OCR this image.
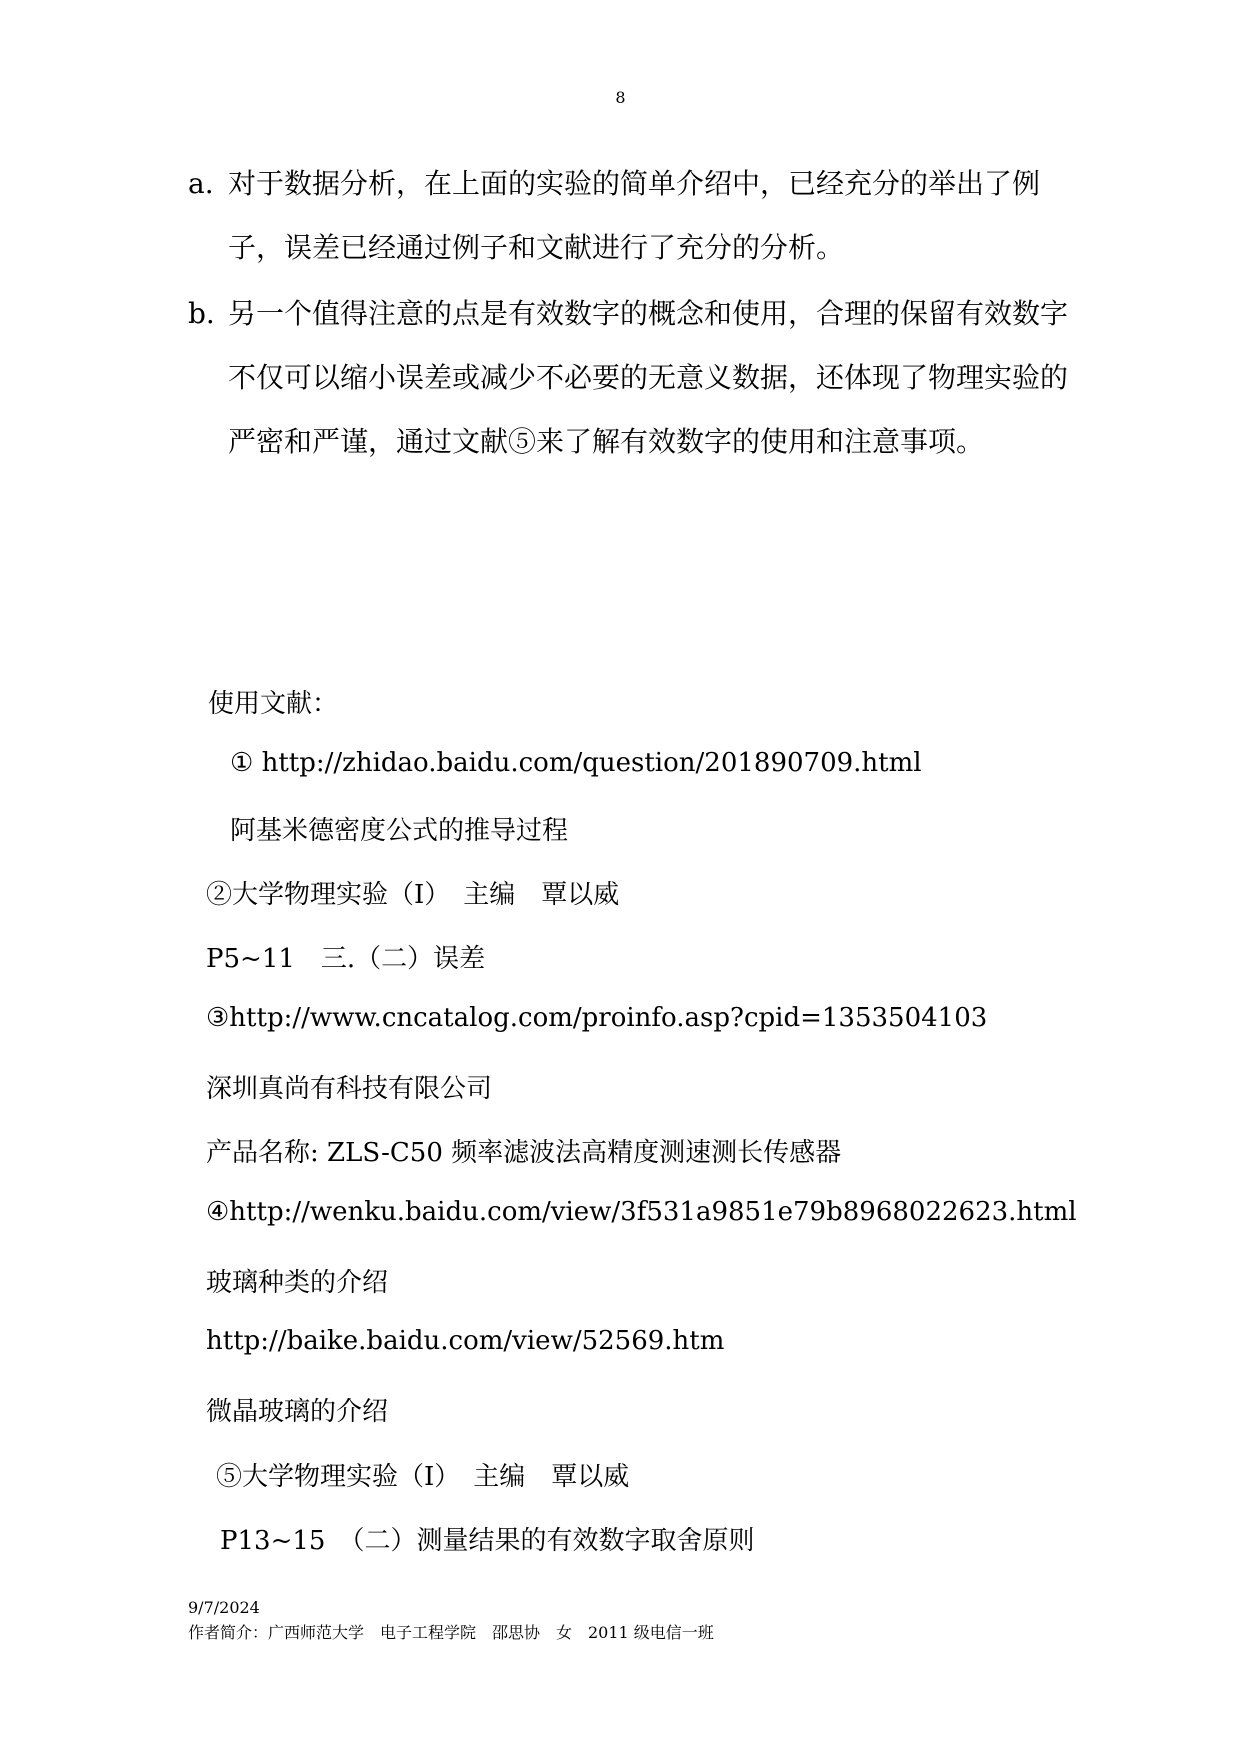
8
a. 对于数据分析，在上面的实验的简单介绍中，已经充分的举出了例子，误差已经通过例子和文献进行了充分的分析。
b. 另一个值得注意的点是有效数字的概念和使用，合理的保留有效数字不仅可以缩小误差或减少不必要的无意义数据，还体现了物理实验的严密和严谨，通过文献⑤来了解有效数字的使用和注意事项。
使用文献：
① http://zhidao.baidu.com/question/201890709.html
阿基米德密度公式的推导过程
②大学物理实验（Ⅰ）　主编　覃以威
P5~11　三.（二）误差
③http://www.cncatalog.com/proinfo.asp?cpid=1353504103
深圳真尚有科技有限公司
产品名称: ZLS-C50 频率滤波法高精度测速测长传感器
④http://wenku.baidu.com/view/3f531a9851e79b8968022623.html
玻璃种类的介绍
http://baike.baidu.com/view/52569.htm
微晶玻璃的介绍
⑤大学物理实验（I）　主编　覃以威
P13~15　（二）测量结果的有效数字取舍原则
9/7/2024
作者简介：广西师范大学　电子工程学院　邵思协　女　2011 级电信一班
